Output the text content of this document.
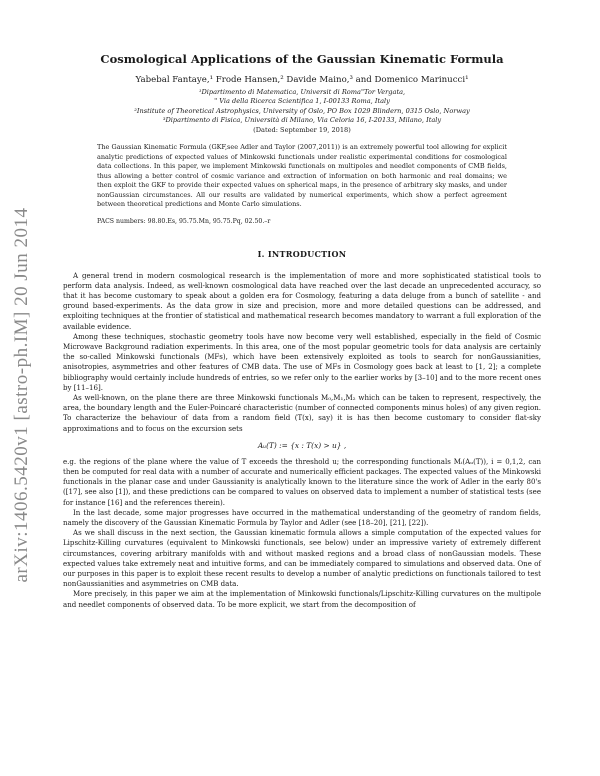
arXiv:1406.5420v1 [astro-ph.IM] 20 Jun 2014
Cosmological Applications of the Gaussian Kinematic Formula
Yabebal Fantaye,¹ Frode Hansen,² Davide Maino,³ and Domenico Marinucci¹
¹Dipartimento di Matematica, Universit di Roma"Tor Vergata,
" Via della Ricerca Scientifica 1, I-00133 Roma, Italy
²Institute of Theoretical Astrophysics, University of Oslo, PO Box 1029 Blindern, 0315 Oslo, Norway
³Dipartimento di Fisica, Università di Milano, Via Celoria 16, I-20133, Milano, Italy
(Dated: September 19, 2018)
The Gaussian Kinematic Formula (GKF,see Adler and Taylor (2007,2011)) is an extremely powerful tool allowing for explicit analytic predictions of expected values of Minkowski functionals under realistic experimental conditions for cosmological data collections. In this paper, we implement Minkowski functionals on multipoles and needlet components of CMB fields, thus allowing a better control of cosmic variance and extraction of information on both harmonic and real domains; we then exploit the GKF to provide their expected values on spherical maps, in the presence of arbitrary sky masks, and under nonGaussian circumstances. All our results are validated by numerical experiments, which show a perfect agreement between theoretical predictions and Monte Carlo simulations.
PACS numbers: 98.80.Es, 95.75.Mn, 95.75.Pq, 02.50.–r
I. INTRODUCTION

A general trend in modern cosmological research is the implementation of more and more sophisticated statistical tools to perform data analysis. Indeed, as well-known cosmological data have reached over the last decade an unprecedented accuracy, so that it has become customary to speak about a golden era for Cosmology, featuring a data deluge from a bunch of satellite - and ground based-experiments. As the data grow in size and precision, more and more detailed questions can be addressed, and exploiting techniques at the frontier of statistical and mathematical research becomes mandatory to warrant a full exploration of the available evidence.

Among these techniques, stochastic geometry tools have now become very well established, especially in the field of Cosmic Microwave Background radiation experiments. In this area, one of the most popular geometric tools for data analysis are certainly the so-called Minkowski functionals (MFs), which have been extensively exploited as tools to search for nonGaussianities, anisotropies, asymmetries and other features of CMB data. The use of MFs in Cosmology goes back at least to [1, 2]; a complete bibliography would certainly include hundreds of entries, so we refer only to the earlier works by [3–10] and to the more recent ones by [11–16].

As well-known, on the plane there are three Minkowski functionals M₀,M₁,M₂ which can be taken to represent, respectively, the area, the boundary length and the Euler-Poincaré characteristic (number of connected components minus holes) of any given region. To characterize the behaviour of data from a random field (T(x), say) it is has then become customary to consider flat-sky approximations and to focus on the excursion sets

Aᵤ(T) := {x : T(x) > u} ,

e.g. the regions of the plane where the value of T exceeds the threshold u; the corresponding functionals Mᵢ(Aᵤ(T)), i = 0,1,2, can then be computed for real data with a number of accurate and numerically efficient packages. The expected values of the Minkowski functionals in the planar case and under Gaussianity is analytically known to the literature since the work of Adler in the early 80's ([17], see also [1]), and these predictions can be compared to values on observed data to implement a number of statistical tests (see for instance [16] and the references therein).

In the last decade, some major progresses have occurred in the mathematical understanding of the geometry of random fields, namely the discovery of the Gaussian Kinematic Formula by Taylor and Adler (see [18–20], [21], [22]).

As we shall discuss in the next section, the Gaussian kinematic formula allows a simple computation of the expected values for Lipschitz-Killing curvatures (equivalent to Minkowski functionals, see below) under an impressive variety of extremely different circumstances, covering arbitrary manifolds with and without masked regions and a broad class of nonGaussian models. These expected values take extremely neat and intuitive forms, and can be immediately compared to simulations and observed data. One of our purposes in this paper is to exploit these recent results to develop a number of analytic predictions on functionals tailored to test nonGaussianities and asymmetries on CMB data.

More precisely, in this paper we aim at the implementation of Minkowski functionals/Lipschitz-Killing curvatures on the multipole and needlet components of observed data. To be more explicit, we start from the decomposition of
